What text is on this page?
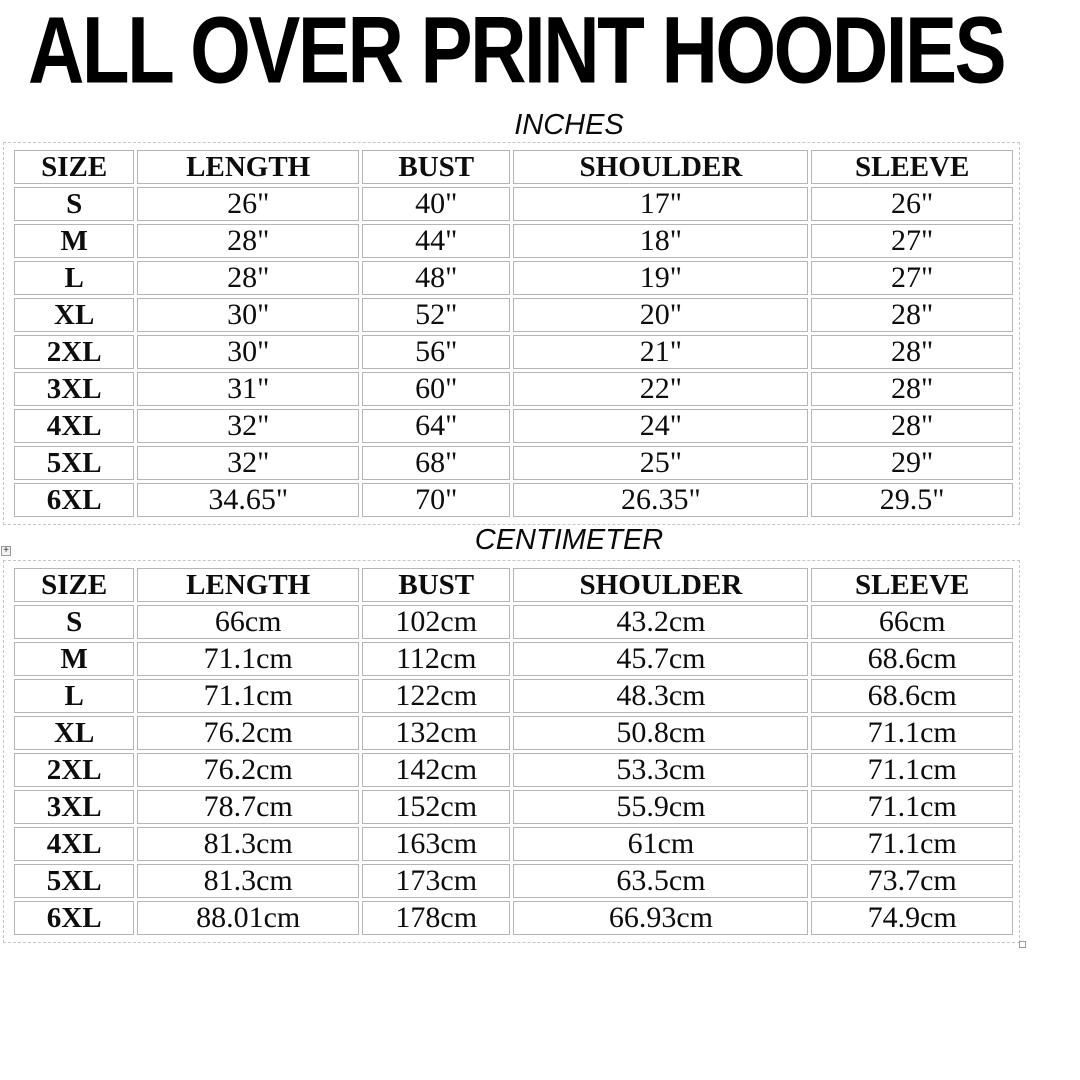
ALL OVER PRINT HOODIES
INCHES
SIZE	LENGTH	BUST	SHOULDER	SLEEVE
S	26"	40"	17"	26"
M	28"	44"	18"	27"
L	28"	48"	19"	27"
XL	30"	52"	20"	28"
2XL	30"	56"	21"	28"
3XL	31"	60"	22"	28"
4XL	32"	64"	24"	28"
5XL	32"	68"	25"	29"
6XL	34.65"	70"	26.35"	29.5"
+	CENTIMETER
SIZE	LENGTH	BUST	SHOULDER	SLEEVE
S	66cm	102cm	43.2cm	66cm
M	71.1cm	112cm	45.7cm	68.6cm
L	71.1cm	122cm	48.3cm	68.6cm
XL	76.2cm	132cm	50.8cm	71.1cm
2XL	76.2cm	142cm	53.3cm	71.1cm
3XL	78.7cm	152cm	55.9cm	71.1cm
4XL	81.3cm	163cm	61cm	71.1cm
5XL	81.3cm	173cm	63.5cm	73.7cm
6XL	88.01cm	178cm	66.93cm	74.9cm
